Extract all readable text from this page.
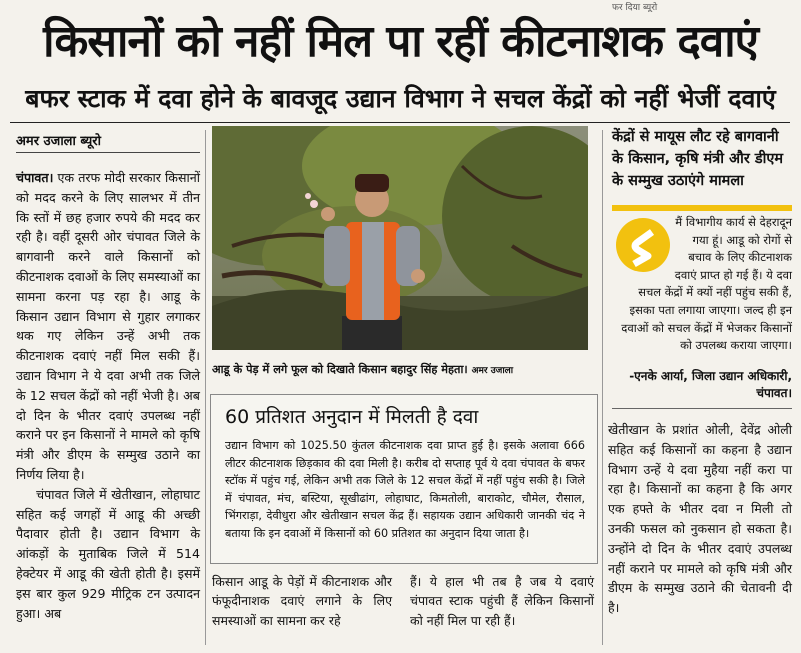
फर दिया ब्यूरो
किसानों को नहीं मिल पा रहीं कीटनाशक दवाएं
बफर स्टाक में दवा होने के बावजूद उद्यान विभाग ने सचल केंद्रों को नहीं भेजीं दवाएं
अमर उजाला ब्यूरो

चंपावत। एक तरफ मोदी सरकार किसानों को मदद करने के लिए सालभर में तीन कि स्तों में छह हजार रुपये की मदद कर रही है। वहीं दूसरी ओर चंपावत जिले के बागवानी करने वाले किसानों को कीटनाशक दवाओं के लिए समस्याओं का सामना करना पड़ रहा है। आडू के किसान उद्यान विभाग से गुहार लगाकर थक गए लेकिन उन्हें अभी तक कीटनाशक दवाएं नहीं मिल सकी हैं। उद्यान विभाग ने ये दवा अभी तक जिले के 12 सचल केंद्रों को नहीं भेजी है। अब दो दिन के भीतर दवाएं उपलब्ध नहीं कराने पर इन किसानों ने मामले को कृषि मंत्री और डीएम के सम्मुख उठाने का निर्णय लिया है।

चंपावत जिले में खेतीखान, लोहाघाट सहित कई जगहों में आडू की अच्छी पैदावार होती है। उद्यान विभाग के आंकड़ों के मुताबिक जिले में 514 हेक्टेयर में आडू की खेती होती है। इसमें इस बार कुल 929 मीट्रिक टन उत्पादन हुआ। अब

आडू के पेड़ में लगे फूल को दिखाते किसान बहादुर सिंह मेहता। अमर उजाला
60 प्रतिशत अनुदान में मिलती है दवा
उद्यान विभाग को 1025.50 कुंतल कीटनाशक दवा प्राप्त हुई है। इसके अलावा 666 लीटर कीटनाशक छिड़काव की दवा मिली है। करीब दो सप्ताह पूर्व ये दवा चंपावत के बफर स्टॉक में पहुंच गई, लेकिन अभी तक जिले के 12 सचल केंद्रों में नहीं पहुंच सकी है। जिले में चंपावत, मंच, बस्टिया, सूखीढांग, लोहाघाट, किमतोली, बाराकोट, चौमेल, रौसाल, भिंगराड़ा, देवीधुरा और खेतीखान सचल केंद्र हैं। सहायक उद्यान अधिकारी जानकी चंद ने बताया कि इन दवाओं में किसानों को 60 प्रतिशत का अनुदान दिया जाता है।
किसान आडू के पेड़ों में कीटनाशक और फंफूदीनाशक दवाएं लगाने के लिए समस्याओं का सामना कर रहे
हैं। ये हाल भी तब है जब ये दवाएं चंपावत स्टाक पहुंची हैं लेकिन किसानों को नहीं मिल पा रही हैं।
केंद्रों से मायूस लौट रहे बागवानी के किसान, कृषि मंत्री और डीएम के सम्मुख उठाएंगे मामला
मैं विभागीय कार्य से देहरादून गया हूं। आडू को रोगों से बचाव के लिए कीटनाशक दवाएं प्राप्त हो गई हैं। ये दवा सचल केंद्रों में क्यों नहीं पहुंच सकी हैं, इसका पता लगाया जाएगा। जल्द ही इन दवाओं को सचल केंद्रों में भेजकर किसानों को उपलब्ध कराया जाएगा।
-एनके आर्या, जिला उद्यान अधिकारी, चंपावत।
खेतीखान के प्रशांत ओली, देवेंद्र ओली सहित कई किसानों का कहना है उद्यान विभाग उन्हें ये दवा मुहैया नहीं करा पा रहा है। किसानों का कहना है कि अगर एक हफ्ते के भीतर दवा न मिली तो उनकी फसल को नुकसान हो सकता है। उन्होंने दो दिन के भीतर दवाएं उपलब्ध नहीं कराने पर मामले को कृषि मंत्री और डीएम के सम्मुख उठाने की चेतावनी दी है।
